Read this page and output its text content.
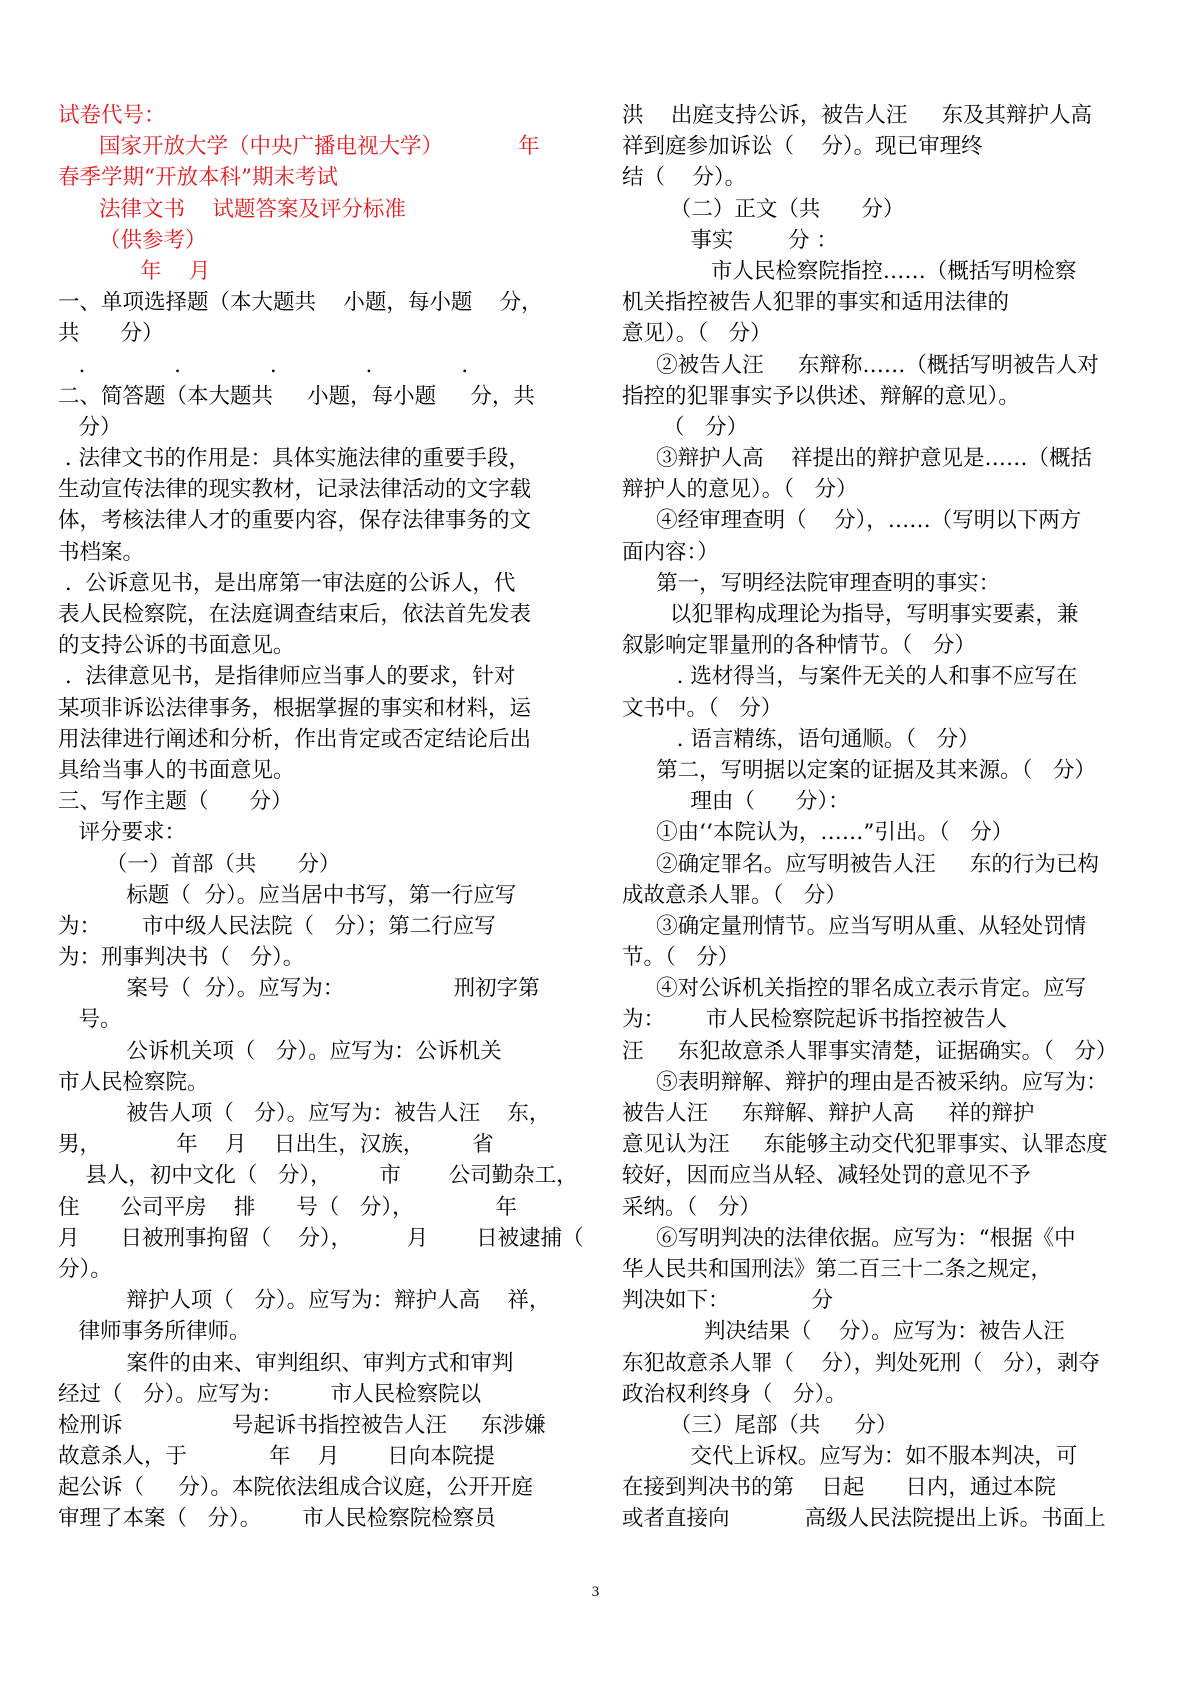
试卷代号：
国家开放大学（中央广播电视大学）           年
春季学期“开放本科”期末考试
法律文书    试题答案及评分标准
（供参考）
年    月
一、单项选择题（本大题共    小题，每小题    分，
共      分）
.             .             .             .             .
二、简答题（本大题共     小题，每小题     分，共
分）
. 法律文书的作用是：具体实施法律的重要手段，
生动宣传法律的现实教材，记录法律活动的文字载
体，考核法律人才的重要内容，保存法律事务的文
书档案。
.  公诉意见书，是出席第一审法庭的公诉人，代
表人民检察院，在法庭调查结束后，依法首先发表
的支持公诉的书面意见。
.  法律意见书，是指律师应当事人的要求，针对
某项非诉讼法律事务，根据掌握的事实和材料，运
用法律进行阐述和分析，作出肯定或否定结论后出
具给当事人的书面意见。
三、写作主题（      分）
评分要求：
（一）首部（共      分）
标题（  分）。应当居中书写，第一行应写
为：      市中级人民法院（   分）；第二行应写
为：刑事判决书（   分）。
案号（  分）。应写为：                刑初字第
号。
公诉机关项（   分）。应写为：公诉机关
市人民检察院。
被告人项（   分）。应写为：被告人汪    东，
男，           年    月    日出生，汉族，       省
县人，初中文化（   分），       市       公司勤杂工，
住      公司平房    排      号（   分），            年
月      日被刑事拘留（    分），        月       日被逮捕（
分）。
辩护人项（   分）。应写为：辩护人高    祥，
律师事务所律师。
案件的由来、审判组织、审判方式和审判
经过（   分）。应写为：       市人民检察院以
检刑诉                号起诉书指控被告人汪     东涉嫌
故意杀人，于            年    月       日向本院提
起公诉（     分）。本院依法组成合议庭，公开开庭
审理了本案（   分）。      市人民检察院检察员
洪    出庭支持公诉，被告人汪     东及其辩护人高
祥到庭参加诉讼（    分）。现已审理终
结（    分）。
（二）正文（共      分）
事实        分 ：
市人民检察院指控……（概括写明检察
机关指控被告人犯罪的事实和适用法律的
意见）。（   分）
②被告人汪     东辩称……（概括写明被告人对
指控的犯罪事实予以供述、辩解的意见）。
（   分）
③辩护人高    祥提出的辩护意见是……（概括
辩护人的意见）。（   分）
④经审理查明（    分），……（写明以下两方
面内容：）
第一，写明经法院审理查明的事实：
以犯罪构成理论为指导，写明事实要素，兼
叙影响定罪量刑的各种情节。（   分）
. 选材得当，与案件无关的人和事不应写在
文书中。（   分）
. 语言精练，语句通顺。（   分）
第二，写明据以定案的证据及其来源。（   分）
理由（      分）：
①由‘‘本院认为，……”引出。（   分）
②确定罪名。应写明被告人汪     东的行为已构
成故意杀人罪。（   分）
③确定量刑情节。应当写明从重、从轻处罚情
节。（   分）
④对公诉机关指控的罪名成立表示肯定。应写
为：      市人民检察院起诉书指控被告人
汪     东犯故意杀人罪事实清楚，证据确实。（   分）
⑤表明辩解、辩护的理由是否被采纳。应写为：
被告人汪     东辩解、辩护人高     祥的辩护
意见认为汪     东能够主动交代犯罪事实、认罪态度
较好，因而应当从轻、减轻处罚的意见不予
采纳。（   分）
⑥写明判决的法律依据。应写为：“根据《中
华人民共和国刑法》第二百三十二条之规定，
判决如下：            分
判决结果（    分）。应写为：被告人汪
东犯故意杀人罪（    分），判处死刑（   分），剥夺
政治权利终身（   分）。
（三）尾部（共     分）
交代上诉权。应写为：如不服本判决，可
在接到判决书的第    日起      日内，通过本院
或者直接向           高级人民法院提出上诉。书面上
3
